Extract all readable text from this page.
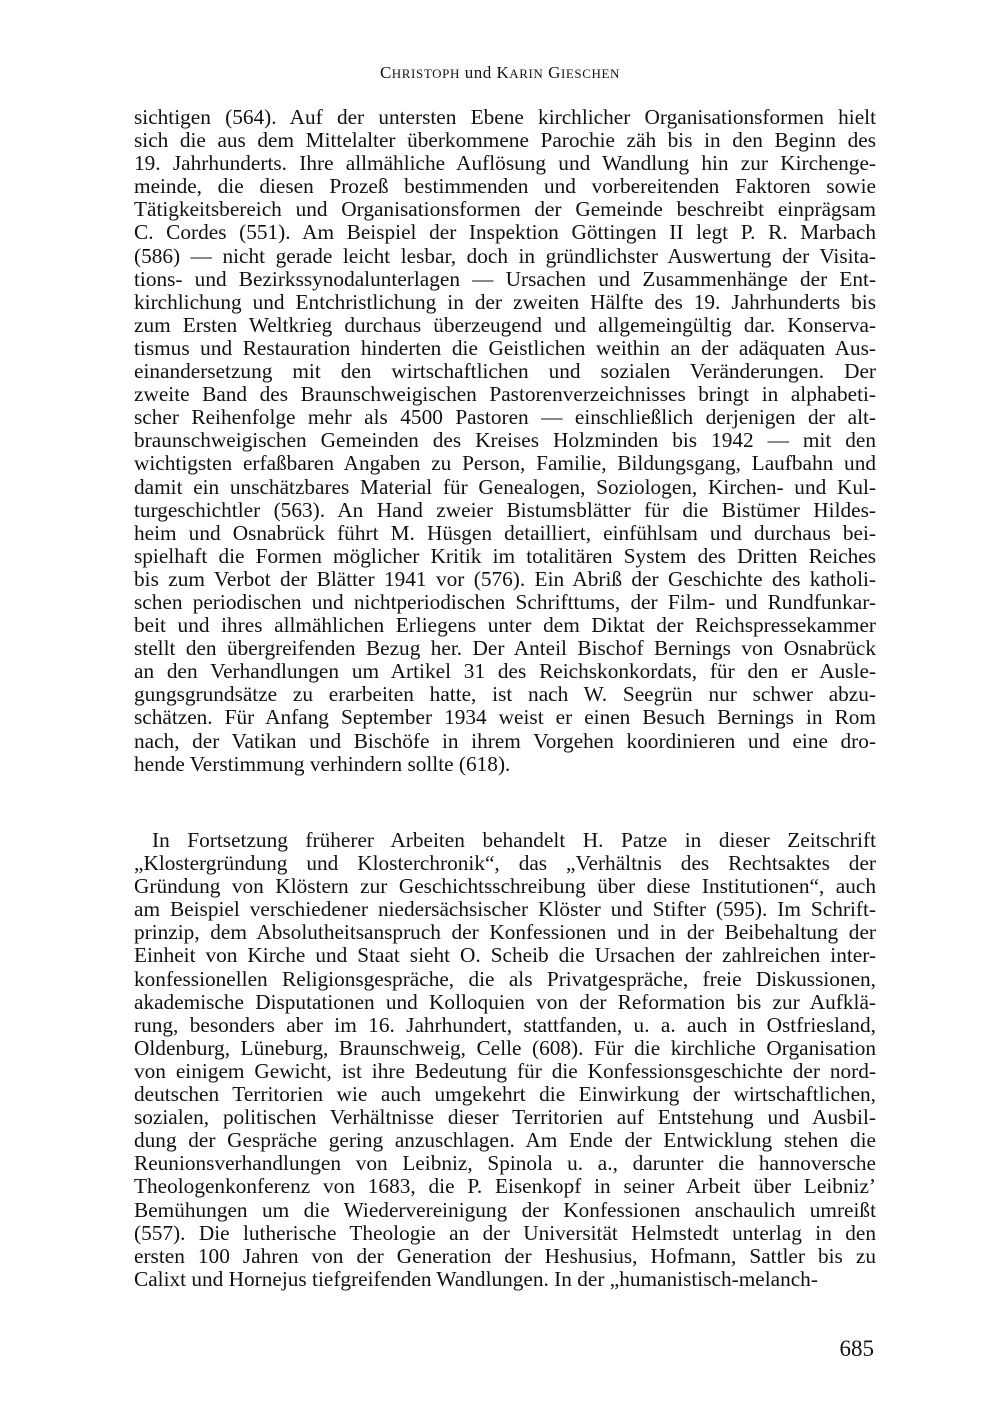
CHRISTOPH und KARIN GIESCHEN
sichtigen (564). Auf der untersten Ebene kirchlicher Organisationsformen hielt
sich die aus dem Mittelalter überkommene Parochie zäh bis in den Beginn des
19. Jahrhunderts. Ihre allmähliche Auflösung und Wandlung hin zur Kirchenge-
meinde, die diesen Prozeß bestimmenden und vorbereitenden Faktoren sowie
Tätigkeitsbereich und Organisationsformen der Gemeinde beschreibt einprägsam
C. Cordes (551). Am Beispiel der Inspektion Göttingen II legt P. R. Marbach
(586) — nicht gerade leicht lesbar, doch in gründlichster Auswertung der Visita-
tions- und Bezirkssynodalunterlagen — Ursachen und Zusammenhänge der Ent-
kirchlichung und Entchristlichung in der zweiten Hälfte des 19. Jahrhunderts bis
zum Ersten Weltkrieg durchaus überzeugend und allgemeingültig dar. Konserva-
tismus und Restauration hinderten die Geistlichen weithin an der adäquaten Aus-
einandersetzung mit den wirtschaftlichen und sozialen Veränderungen. Der
zweite Band des Braunschweigischen Pastorenverzeichnisses bringt in alphabeti-
scher Reihenfolge mehr als 4500 Pastoren — einschließlich derjenigen der alt-
braunschweigischen Gemeinden des Kreises Holzminden bis 1942 — mit den
wichtigsten erfaßbaren Angaben zu Person, Familie, Bildungsgang, Laufbahn und
damit ein unschätzbares Material für Genealogen, Soziologen, Kirchen- und Kul-
turgeschichtler (563). An Hand zweier Bistumsblätter für die Bistümer Hildes-
heim und Osnabrück führt M. Hüsgen detailliert, einfühlsam und durchaus bei-
spielhaft die Formen möglicher Kritik im totalitären System des Dritten Reiches
bis zum Verbot der Blätter 1941 vor (576). Ein Abriß der Geschichte des katholi-
schen periodischen und nichtperiodischen Schrifttums, der Film- und Rundfunkar-
beit und ihres allmählichen Erliegens unter dem Diktat der Reichspressekammer
stellt den übergreifenden Bezug her. Der Anteil Bischof Bernings von Osnabrück
an den Verhandlungen um Artikel 31 des Reichskonkordats, für den er Ausle-
gungsgrundsätze zu erarbeiten hatte, ist nach W. Seegrün nur schwer abzu-
schätzen. Für Anfang September 1934 weist er einen Besuch Bernings in Rom
nach, der Vatikan und Bischöfe in ihrem Vorgehen koordinieren und eine dro-
hende Verstimmung verhindern sollte (618).
In Fortsetzung früherer Arbeiten behandelt H. Patze in dieser Zeitschrift
„Klostergründung und Klosterchronik“, das „Verhältnis des Rechtsaktes der
Gründung von Klöstern zur Geschichtsschreibung über diese Institutionen“, auch
am Beispiel verschiedener niedersächsischer Klöster und Stifter (595). Im Schrift-
prinzip, dem Absolutheitsanspruch der Konfessionen und in der Beibehaltung der
Einheit von Kirche und Staat sieht O. Scheib die Ursachen der zahlreichen inter-
konfessionellen Religionsgespräche, die als Privatgespräche, freie Diskussionen,
akademische Disputationen und Kolloquien von der Reformation bis zur Aufklä-
rung, besonders aber im 16. Jahrhundert, stattfanden, u. a. auch in Ostfriesland,
Oldenburg, Lüneburg, Braunschweig, Celle (608). Für die kirchliche Organisation
von einigem Gewicht, ist ihre Bedeutung für die Konfessionsgeschichte der nord-
deutschen Territorien wie auch umgekehrt die Einwirkung der wirtschaftlichen,
sozialen, politischen Verhältnisse dieser Territorien auf Entstehung und Ausbil-
dung der Gespräche gering anzuschlagen. Am Ende der Entwicklung stehen die
Reunionsverhandlungen von Leibniz, Spinola u. a., darunter die hannoversche
Theologenkonferenz von 1683, die P. Eisenkopf in seiner Arbeit über Leibniz’
Bemühungen um die Wiedervereinigung der Konfessionen anschaulich umreißt
(557). Die lutherische Theologie an der Universität Helmstedt unterlag in den
ersten 100 Jahren von der Generation der Heshusius, Hofmann, Sattler bis zu
Calixt und Hornejus tiefgreifenden Wandlungen. In der „humanistisch-melanch-
685
